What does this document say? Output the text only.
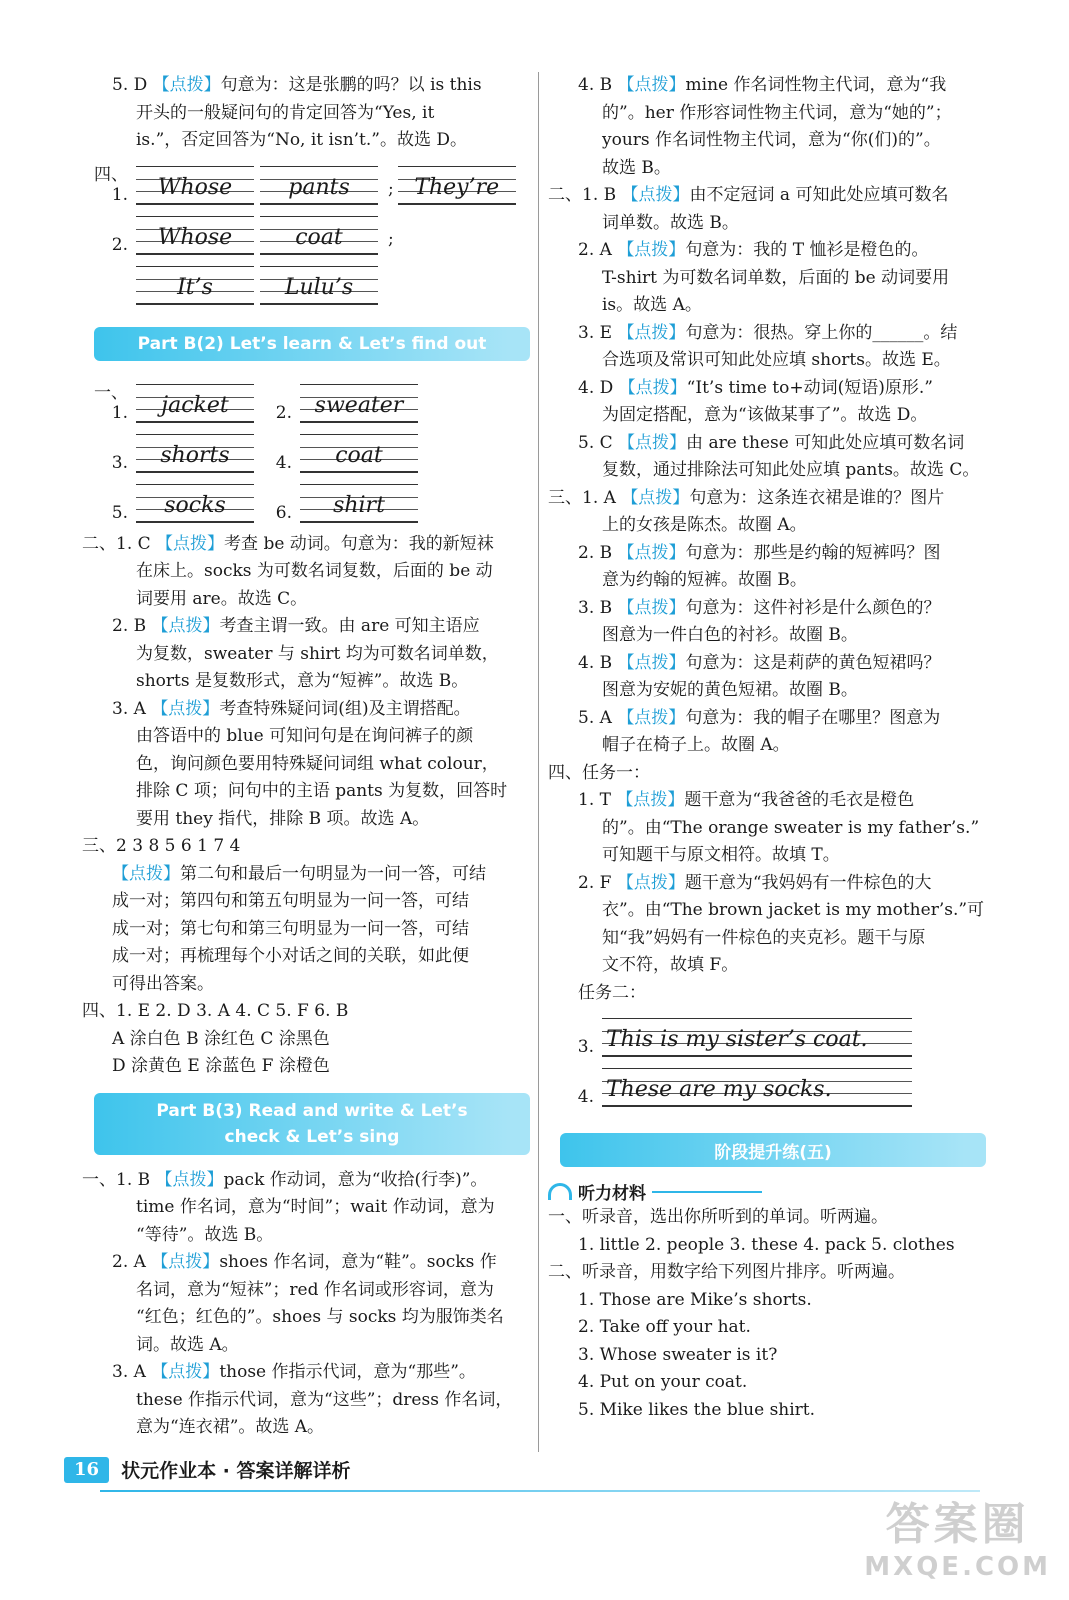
5. D 【点拨】句意为：这是张鹏的吗？以 is this
开头的一般疑问句的肯定回答为“Yes, it
is.”，否定回答为“No, it isn’t.”。故选 D。
四、1.	Whose	pants	; They’re
2.	Whose	coat	;
It’s	Lulu’s
Part B(2) Let’s learn & Let’s find out
一、1.	jacket	2.	sweater
3.	shorts	4.	coat
5.	socks	6.	shirt
二、1. C 【点拨】考查 be 动词。句意为：我的新短袜
在床上。socks 为可数名词复数，后面的 be 动
词要用 are。故选 C。
2. B 【点拨】考查主谓一致。由 are 可知主语应
为复数，sweater 与 shirt 均为可数名词单数，
shorts 是复数形式，意为“短裤”。故选 B。
3. A 【点拨】考查特殊疑问词(组)及主谓搭配。
由答语中的 blue 可知问句是在询问裤子的颜
色，询问颜色要用特殊疑问词组 what colour，
排除 C 项；问句中的主语 pants 为复数，回答时
要用 they 指代，排除 B 项。故选 A。
三、2 3 8 5 6 1 7 4
【点拨】第二句和最后一句明显为一问一答，可结
成一对；第四句和第五句明显为一问一答，可结
成一对；第七句和第三句明显为一问一答，可结
成一对；再梳理每个小对话之间的关联，如此便
可得出答案。
四、1. E 2. D 3. A 4. C 5. F 6. B
A 涂白色 B 涂红色 C 涂黑色
D 涂黄色 E 涂蓝色 F 涂橙色
Part B(3) Read and write & Let’s
check & Let’s sing
一、1. B 【点拨】pack 作动词，意为“收拾(行李)”。
time 作名词，意为“时间”；wait 作动词，意为
“等待”。故选 B。
2. A 【点拨】shoes 作名词，意为“鞋”。socks 作
名词，意为“短袜”；red 作名词或形容词，意为
“红色；红色的”。shoes 与 socks 均为服饰类名
词。故选 A。
3. A 【点拨】those 作指示代词，意为“那些”。
these 作指示代词，意为“这些”；dress 作名词，
意为“连衣裙”。故选 A。
4. B 【点拨】mine 作名词性物主代词，意为“我
的”。her 作形容词性物主代词，意为“她的”；
yours 作名词性物主代词，意为“你(们)的”。
故选 B。
二、1. B 【点拨】由不定冠词 a 可知此处应填可数名
词单数。故选 B。
2. A 【点拨】句意为：我的 T 恤衫是橙色的。
T-shirt 为可数名词单数，后面的 be 动词要用
is。故选 A。
3. E 【点拨】句意为：很热。穿上你的______。结
合选项及常识可知此处应填 shorts。故选 E。
4. D 【点拨】“It’s time to+动词(短语)原形.”
为固定搭配，意为“该做某事了”。故选 D。
5. C 【点拨】由 are these 可知此处应填可数名词
复数，通过排除法可知此处应填 pants。故选 C。
三、1. A 【点拨】句意为：这条连衣裙是谁的？图片
上的女孩是陈杰。故圈 A。
2. B 【点拨】句意为：那些是约翰的短裤吗？图
意为约翰的短裤。故圈 B。
3. B 【点拨】句意为：这件衬衫是什么颜色的？
图意为一件白色的衬衫。故圈 B。
4. B 【点拨】句意为：这是莉萨的黄色短裙吗？
图意为安妮的黄色短裙。故圈 B。
5. A 【点拨】句意为：我的帽子在哪里？图意为
帽子在椅子上。故圈 A。
四、任务一：
1. T 【点拨】题干意为“我爸爸的毛衣是橙色
的”。由“The orange sweater is my father’s.”
可知题干与原文相符。故填 T。
2. F 【点拨】题干意为“我妈妈有一件棕色的大
衣”。由“The brown jacket is my mother’s.”可
知“我”妈妈有一件棕色的夹克衫。题干与原
文不符，故填 F。
任务二：
3. This is my sister’s coat.
4. These are my socks.
阶段提升练(五)
听力材料
一、听录音，选出你所听到的单词。听两遍。
1. little 2. people 3. these 4. pack 5. clothes
二、听录音，用数字给下列图片排序。听两遍。
1. Those are Mike’s shorts.
2. Take off your hat.
3. Whose sweater is it?
4. Put on your coat.
5. Mike likes the blue shirt.
16	状元作业本 · 答案详解详析
答案圈
MXQE.COM
